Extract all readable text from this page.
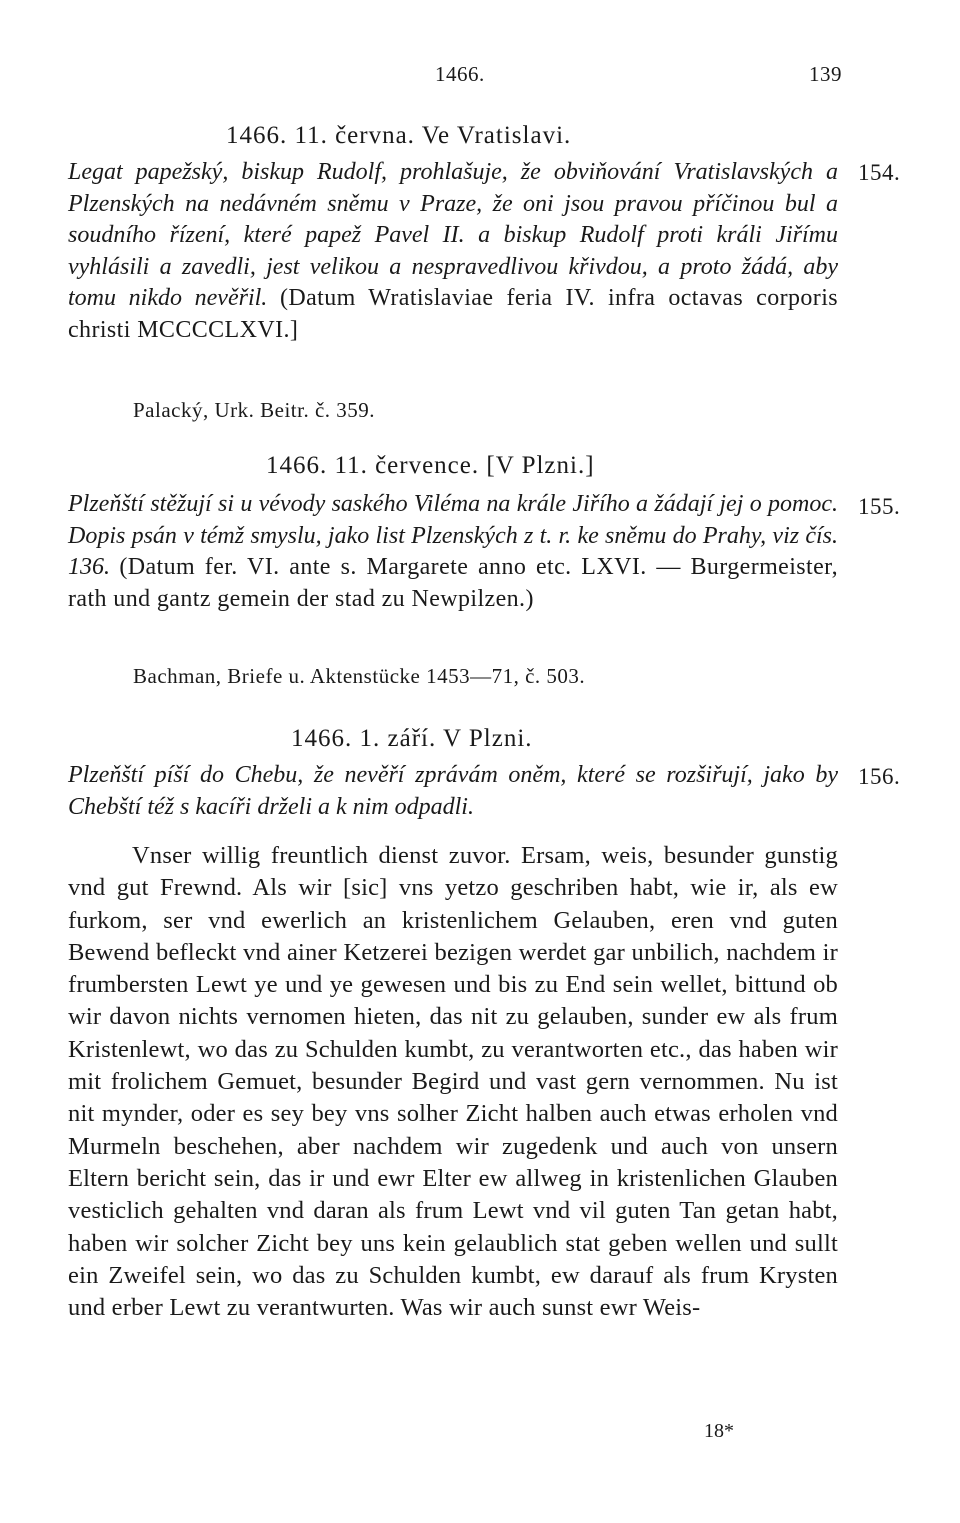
1466.	139
1466. 11. června. Ve Vratislavi.
154.
Legat papežský, biskup Rudolf, prohlašuje, že obviňování Vratislavských a Plzenských na nedávném sněmu v Praze, že oni jsou pravou příčinou bul a soudního řízení, které papež Pavel II. a biskup Rudolf proti králi Jiřímu vyhlásili a zavedli, jest velikou a nespravedlivou křivdou, a proto žádá, aby tomu nikdo nevěřil. (Datum Wratislaviae feria IV. infra octavas corporis christi MCCCCLXVI.]
Palacký, Urk. Beitr. č. 359.
1466. 11. července. [V Plzni.]
155.
Plzeňští stěžují si u vévody saského Viléma na krále Jiřího a žádají jej o pomoc. Dopis psán v témž smyslu, jako list Plzenských z t. r. ke sněmu do Prahy, viz čís. 136. (Datum fer. VI. ante s. Margarete anno etc. LXVI. — Burgermeister, rath und gantz gemein der stad zu Newpilzen.)
Bachman, Briefe u. Aktenstücke 1453—71, č. 503.
1466. 1. září. V Plzni.
156.
Plzeňští píší do Chebu, že nevěří zprávám oněm, které se rozšiřují, jako by Chebští též s kacíři drželi a k nim odpadli.
Vnser willig freuntlich dienst zuvor. Ersam, weis, besunder gunstig vnd gut Frewnd. Als wir [sic] vns yetzo geschriben habt, wie ir, als ew furkom, ser vnd ewerlich an kristenlichem Gelauben, eren vnd guten Bewend befleckt vnd ainer Ketzerei bezigen werdet gar unbilich, nachdem ir frumbersten Lewt ye und ye gewesen und bis zu End sein wellet, bittund ob wir davon nichts vernomen hieten, das nit zu gelauben, sunder ew als frum Kristenlewt, wo das zu Schulden kumbt, zu verantworten etc., das haben wir mit frolichem Gemuet, besunder Begird und vast gern vernommen. Nu ist nit mynder, oder es sey bey vns solher Zicht halben auch etwas erholen vnd Murmeln beschehen, aber nachdem wir zugedenk und auch von unsern Eltern bericht sein, das ir und ewr Elter ew allweg in kristenlichen Glauben vesticlich gehalten vnd daran als frum Lewt vnd vil guten Tan getan habt, haben wir solcher Zicht bey uns kein gelaublich stat geben wellen und sullt ein Zweifel sein, wo das zu Schulden kumbt, ew darauf als frum Krysten und erber Lewt zu verantwurten. Was wir auch sunst ewr Weis-
18*
